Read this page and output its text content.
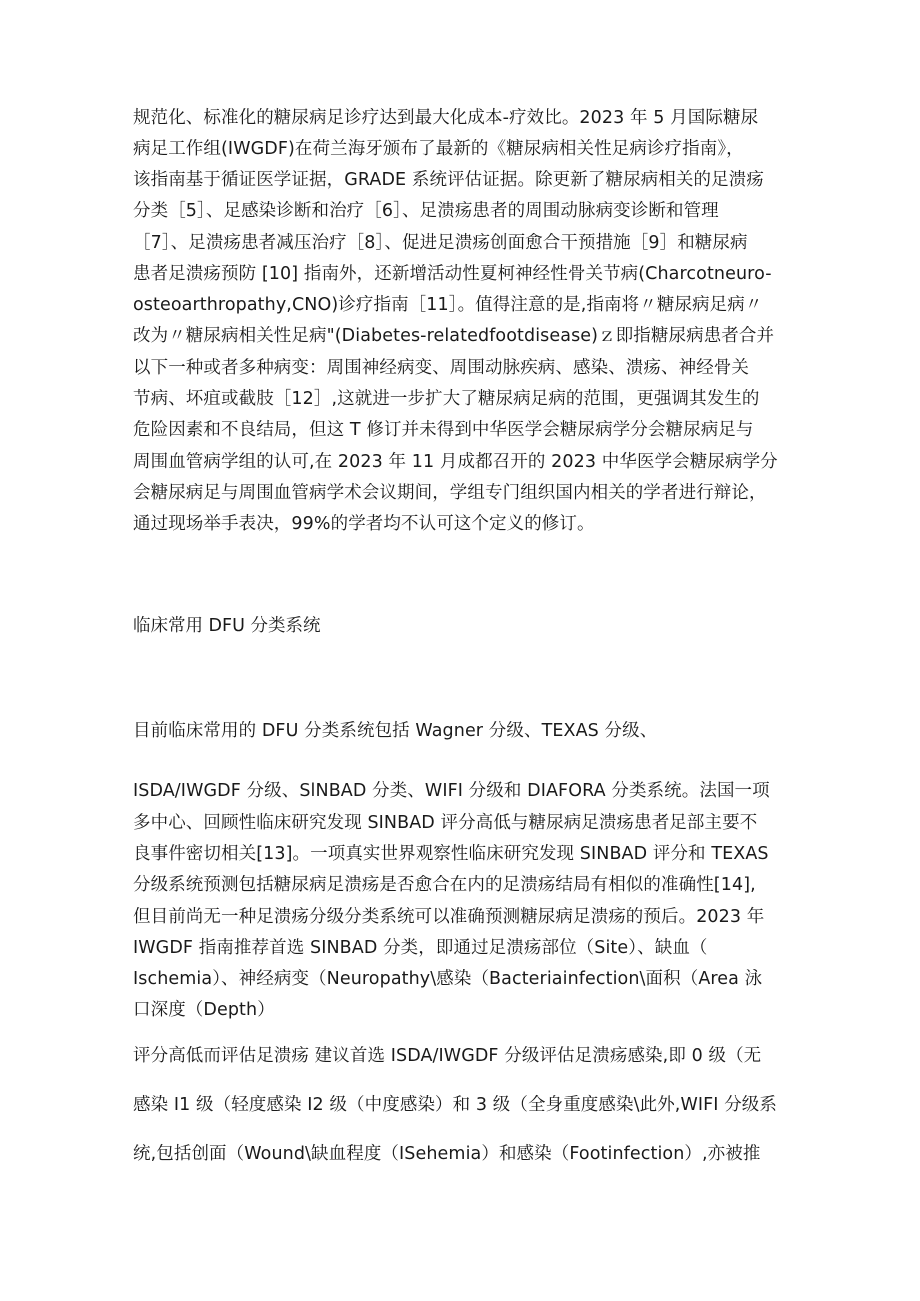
规范化、标准化的糖尿病足诊疗达到最大化成本-疗效比。2023 年 5 月国际糖尿
病足工作组(IWGDF)在荷兰海牙颁布了最新的《糖尿病相关性足病诊疗指南》，
该指南基于循证医学证据，GRADE 系统评估证据。除更新了糖尿病相关的足溃疡
分类［5］、足感染诊断和治疗［6］、足溃疡患者的周围动脉病变诊断和管理
［7］、足溃疡患者减压治疗［8］、促进足溃疡创面愈合干预措施［9］和糖尿病
患者足溃疡预防 [10] 指南外，还新增活动性夏柯神经性骨关节病(Charcotneuro-
osteoarthropathy,CNO)诊疗指南［11］。值得注意的是,指南将〃糖尿病足病〃
改为〃糖尿病相关性足病"(Diabetes-relatedfootdisease)ｚ即指糖尿病患者合并
以下一种或者多种病变：周围神经病变、周围动脉疾病、感染、溃疡、神经骨关
节病、坏疽或截肢［12］,这就进一步扩大了糖尿病足病的范围，更强调其发生的
危险因素和不良结局，但这 T 修订并未得到中华医学会糖尿病学分会糖尿病足与
周围血管病学组的认可,在 2023 年 11 月成都召开的 2023 中华医学会糖尿病学分
会糖尿病足与周围血管病学术会议期间，学组专门组织国内相关的学者进行辩论，
通过现场举手表决，99%的学者均不认可这个定义的修订。
临床常用 DFU 分类系统
目前临床常用的 DFU 分类系统包括 Wagner 分级、TEXAS 分级、
ISDA/IWGDF 分级、SlNBAD 分类、WIFI 分级和 DIAFORA 分类系统。法国一项
多中心、回顾性临床研究发现 SINBAD 评分高低与糖尿病足溃疡患者足部主要不
良事件密切相关[13]。一项真实世界观察性临床研究发现 SINBAD 评分和 TEXAS
分级系统预测包括糖尿病足溃疡是否愈合在内的足溃疡结局有相似的准确性[14],
但目前尚无一种足溃疡分级分类系统可以准确预测糖尿病足溃疡的预后。2023 年
IWGDF 指南推荐首选 SINBAD 分类，即通过足溃疡部位（Site）、缺血（
Ischemia）、神经病变（Neuropathy\感染（Bacteriainfection\面积（Area 泳
口深度（Depth）
评分高低而评估足溃疡 建议首选 ISDA/IWGDF 分级评估足溃疡感染,即 0 级（无
感染 I1 级（轻度感染 I2 级（中度感染）和 3 级（全身重度感染\此外,WIFI 分级系
统,包括创面（Wound\缺血程度（ISehemia）和感染（Footinfection）,亦被推
